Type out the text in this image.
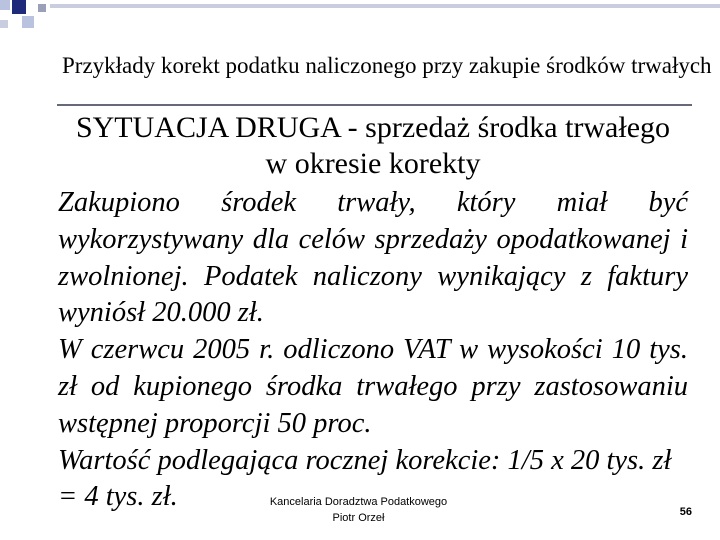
Przykłady korekt podatku naliczonego przy zakupie środków trwałych
SYTUACJA DRUGA - sprzedaż środka trwałego
w okresie korekty

Zakupiono środek trwały, który miał być wykorzystywany dla celów sprzedaży opodatkowanej i zwolnionej. Podatek naliczony wynikający z faktury wyniósł 20.000 zł.

W czerwcu 2005 r. odliczono VAT w wysokości 10 tys. zł od kupionego środka trwałego przy zastosowaniu wstępnej proporcji 50 proc.

Wartość podlegająca rocznej korekcie: 1/5 x 20 tys. zł = 4 tys. zł.	Kancelaria Doradztwa Podatkowego
Piotr Orzeł	56
